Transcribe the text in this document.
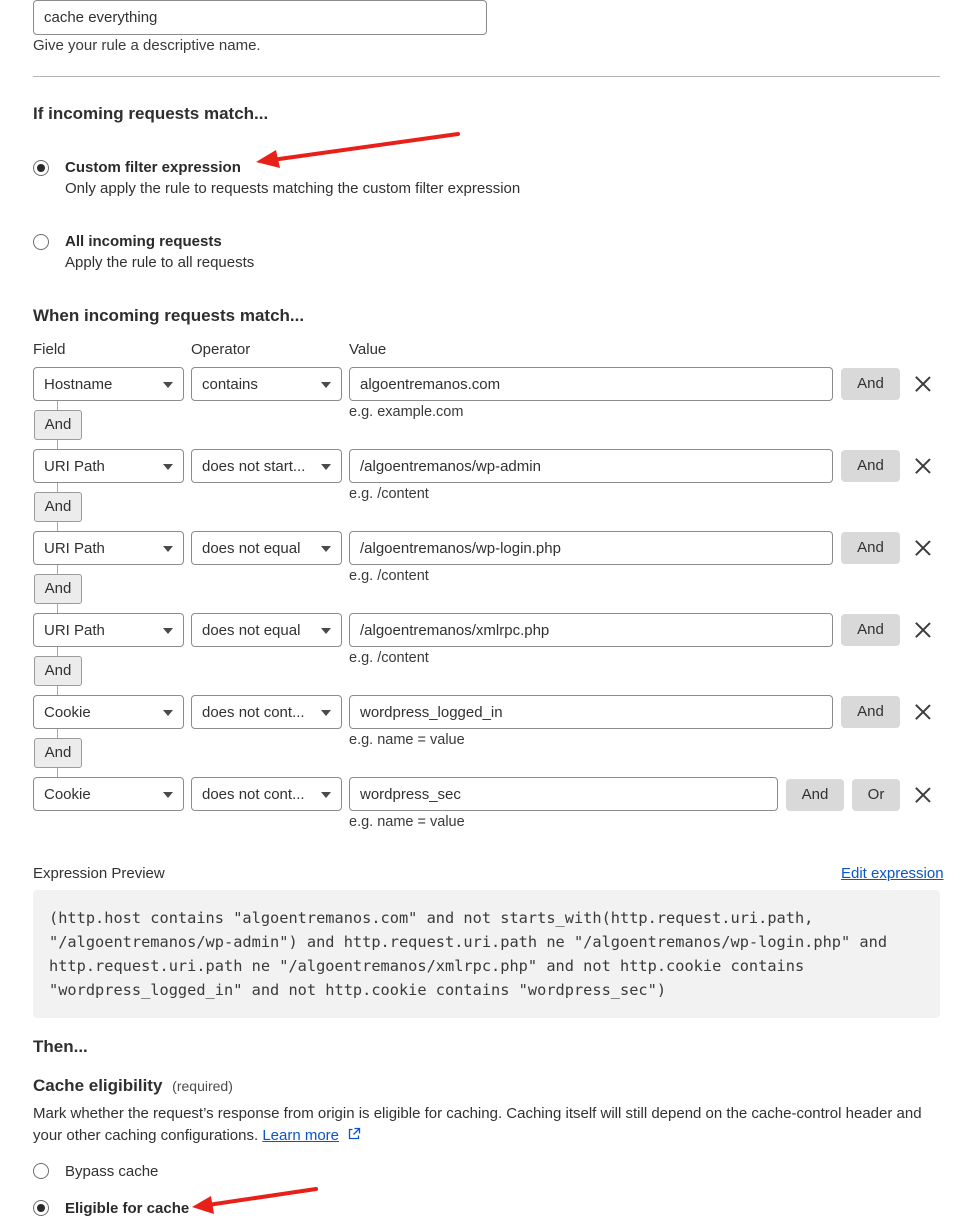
cache everything
Give your rule a descriptive name.
If incoming requests match...
Custom filter expression
Only apply the rule to requests matching the custom filter expression
All incoming requests
Apply the rule to all requests
When incoming requests match...
Field	Operator	Value
Hostname	contains	algoentremanos.com	And
e.g. example.com
And
URI Path	does not start...	/algoentremanos/wp-admin	And
e.g. /content
And
URI Path	does not equal	/algoentremanos/wp-login.php	And
e.g. /content
And
URI Path	does not equal	/algoentremanos/xmlrpc.php	And
e.g. /content
And
Cookie	does not cont...	wordpress_logged_in	And
e.g. name = value
And
Cookie	does not cont...	wordpress_sec	And	Or
e.g. name = value
Expression Preview	Edit expression
(http.host contains "algoentremanos.com" and not starts_with(http.request.uri.path,
"/algoentremanos/wp-admin") and http.request.uri.path ne "/algoentremanos/wp-login.php" and
http.request.uri.path ne "/algoentremanos/xmlrpc.php" and not http.cookie contains
"wordpress_logged_in" and not http.cookie contains "wordpress_sec")
Then...
Cache eligibility (required)
Mark whether the request’s response from origin is eligible for caching. Caching itself will still depend on the cache-control header and your other caching configurations. Learn more
Bypass cache
Eligible for cache
